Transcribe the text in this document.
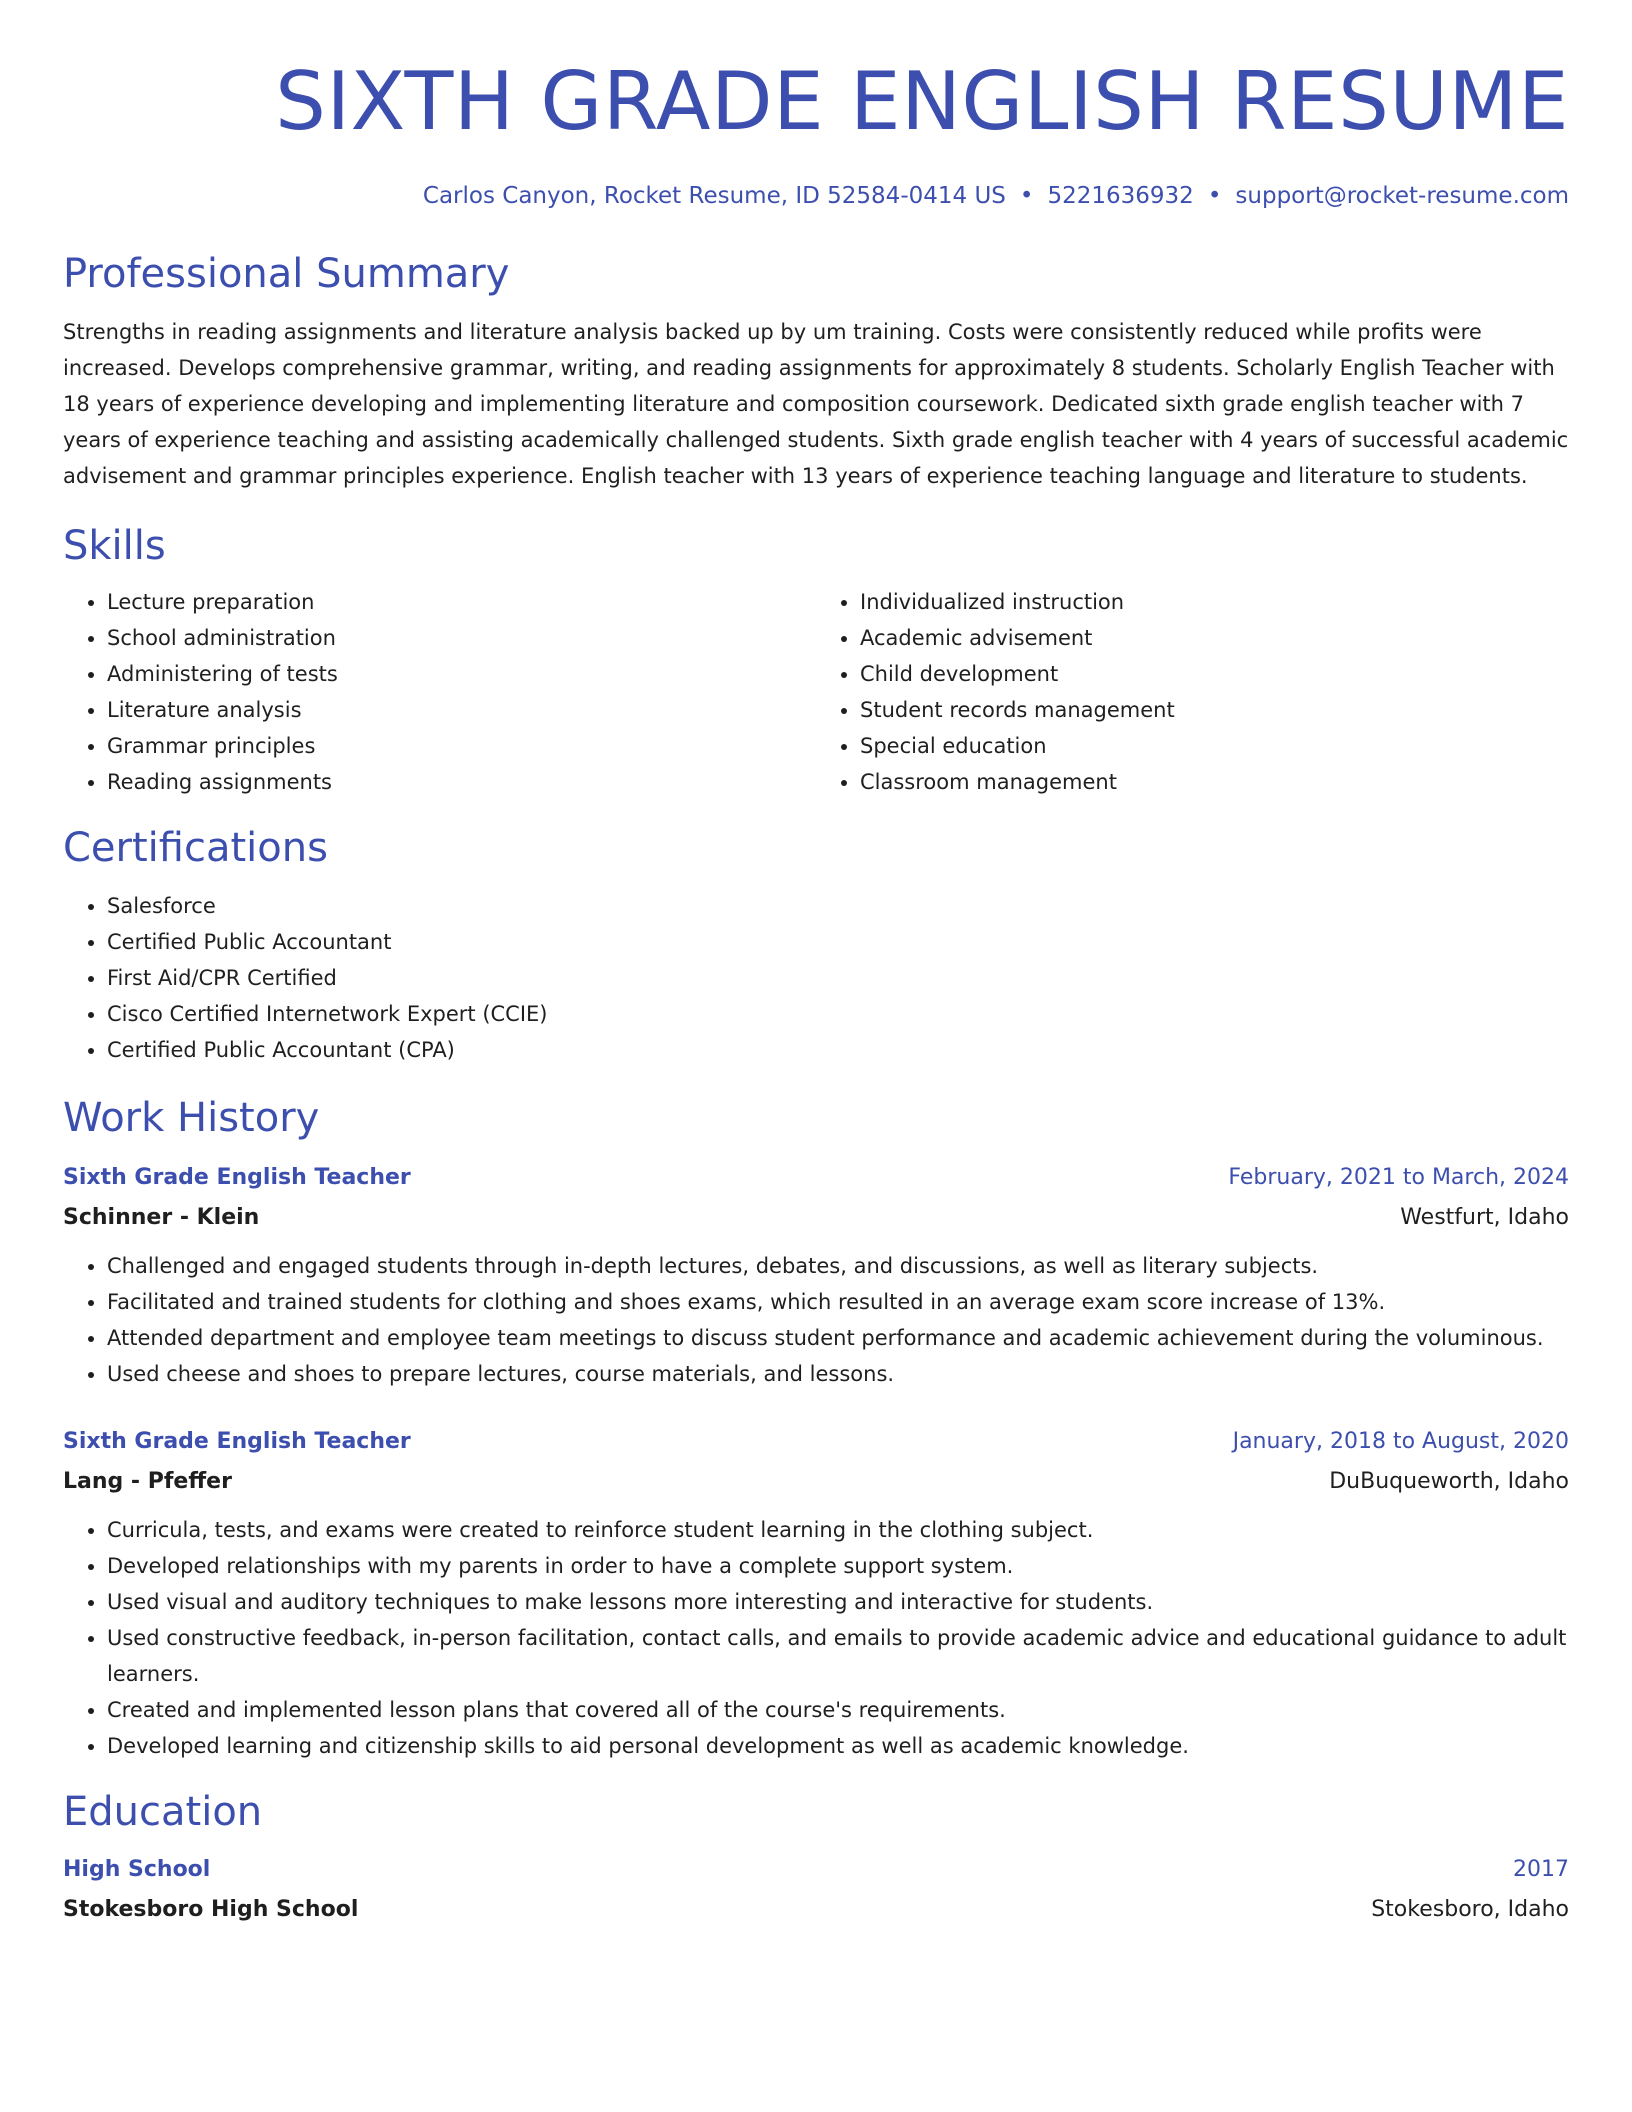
SIXTH GRADE ENGLISH RESUME
Carlos Canyon, Rocket Resume, ID 52584-0414 US • 5221636932 • support@rocket-resume.com
Professional Summary
Strengths in reading assignments and literature analysis backed up by um training. Costs were consistently reduced while profits were increased. Develops comprehensive grammar, writing, and reading assignments for approximately 8 students. Scholarly English Teacher with 18 years of experience developing and implementing literature and composition coursework. Dedicated sixth grade english teacher with 7 years of experience teaching and assisting academically challenged students. Sixth grade english teacher with 4 years of successful academic advisement and grammar principles experience. English teacher with 13 years of experience teaching language and literature to students.
Skills
• Lecture preparation
• School administration
• Administering of tests
• Literature analysis
• Grammar principles
• Reading assignments
• Individualized instruction
• Academic advisement
• Child development
• Student records management
• Special education
• Classroom management
Certifications
• Salesforce
• Certified Public Accountant
• First Aid/CPR Certified
• Cisco Certified Internetwork Expert (CCIE)
• Certified Public Accountant (CPA)
Work History
Sixth Grade English Teacher	February, 2021 to March, 2024
Schinner - Klein	Westfurt, Idaho
• Challenged and engaged students through in-depth lectures, debates, and discussions, as well as literary subjects.
• Facilitated and trained students for clothing and shoes exams, which resulted in an average exam score increase of 13%.
• Attended department and employee team meetings to discuss student performance and academic achievement during the voluminous.
• Used cheese and shoes to prepare lectures, course materials, and lessons.
Sixth Grade English Teacher	January, 2018 to August, 2020
Lang - Pfeffer	DuBuqueworth, Idaho
• Curricula, tests, and exams were created to reinforce student learning in the clothing subject.
• Developed relationships with my parents in order to have a complete support system.
• Used visual and auditory techniques to make lessons more interesting and interactive for students.
• Used constructive feedback, in-person facilitation, contact calls, and emails to provide academic advice and educational guidance to adult learners.
• Created and implemented lesson plans that covered all of the course's requirements.
• Developed learning and citizenship skills to aid personal development as well as academic knowledge.
Education
High School	2017
Stokesboro High School	Stokesboro, Idaho
